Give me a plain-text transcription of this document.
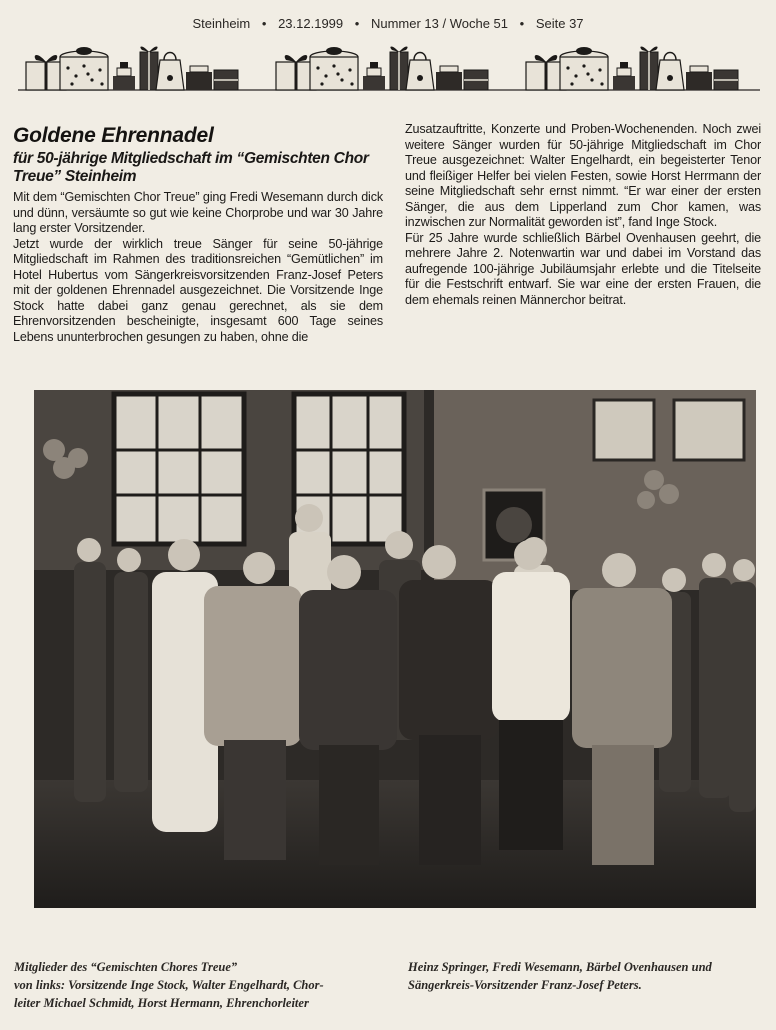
Steinheim • 23.12.1999 • Nummer 13 / Woche 51 • Seite 37
Goldene Ehrennadel
für 50-jährige Mitgliedschaft im “Gemischten Chor Treue” Steinheim

Mit dem “Gemischten Chor Treue” ging Fredi Wesemann durch dick und dünn, versäumte so gut wie keine Chorprobe und war 30 Jahre lang erster Vorsitzender.

Jetzt wurde der wirklich treue Sänger für seine 50-jährige Mitgliedschaft im Rahmen des traditionsreichen “Gemütlichen” im Hotel Hubertus vom Sängerkreisvorsitzenden Franz-Josef Peters mit der goldenen Ehrennadel ausgezeichnet. Die Vorsitzende Inge Stock hatte dabei ganz genau gerechnet, als sie dem Ehrenvorsitzenden bescheinigte, insgesamt 600 Tage seines Lebens ununterbrochen gesungen zu haben, ohne die

Zusatzauftritte, Konzerte und Proben-Wochenenden. Noch zwei weitere Sänger wurden für 50-jährige Mitgliedschaft im Chor Treue ausgezeichnet: Walter Engelhardt, ein begeisterter Tenor und fleißiger Helfer bei vielen Festen, sowie Horst Herrmann der seine Mitgliedschaft sehr ernst nimmt. “Er war einer der ersten Sänger, die aus dem Lipperland zum Chor kamen, was inzwischen zur Normalität geworden ist”, fand Inge Stock.

Für 25 Jahre wurde schließlich Bärbel Ovenhausen geehrt, die mehrere Jahre 2. Notenwartin war und dabei im Vorstand das aufregende 100-jährige Jubiläumsjahr erlebte und die Titelseite für die Festschrift entwarf. Sie war eine der ersten Frauen, die dem ehemals reinen Männerchor beitrat.

Mitglieder des “Gemischten Chores Treue”
von links: Vorsitzende Inge Stock, Walter Engelhardt, Chor-
leiter Michael Schmidt, Horst Hermann, Ehrenchorleiter
Heinz Springer, Fredi Wesemann, Bärbel Ovenhausen und
Sängerkreis-Vorsitzender Franz-Josef Peters.
